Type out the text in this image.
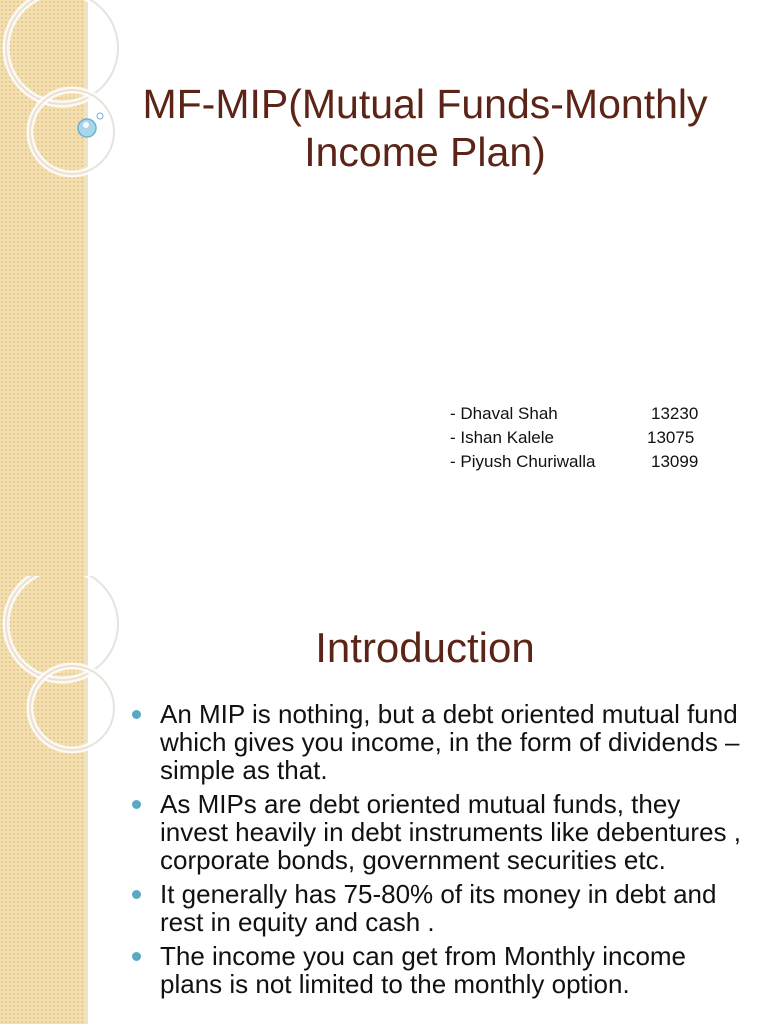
MF-MIP(Mutual Funds-Monthly Income Plan)
- Dhaval Shah	13230
- Ishan Kalele	13075
- Piyush Churiwalla	13099
Introduction
An MIP is nothing, but a debt oriented mutual fund which gives you income, in the form of dividends – simple as that.
As MIPs are debt oriented mutual funds, they invest heavily in debt instruments like debentures , corporate bonds, government securities etc.
It generally has 75-80% of its money in debt and rest in equity and cash .
The income you can get from Monthly income plans is not limited to the monthly option.
